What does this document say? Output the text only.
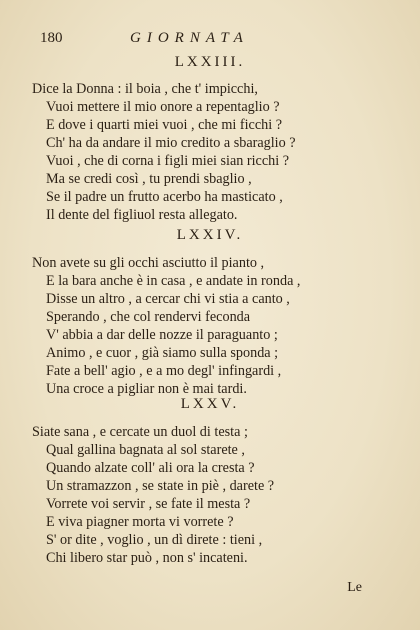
180	GIORNATA
LXXIII.
Dice la Donna : il boia , che t' impicchi,
Vuoi mettere il mio onore a repentaglio ?
E dove i quarti miei vuoi , che mi ficchi ?
Ch' ha da andare il mio credito a sbaraglio ?
Vuoi , che di corna i figli miei sian ricchi ?
Ma se credi così , tu prendi sbaglio ,
Se il padre un frutto acerbo ha masticato ,
Il dente del figliuol resta allegato.
LXXIV.
Non avete su gli occhi asciutto il pianto ,
E la bara anche è in casa , e andate in ronda ,
Disse un altro , a cercar chi vi stia a canto ,
Sperando , che col rendervi feconda
V' abbia a dar delle nozze il paraguanto ;
Animo , e cuor , già siamo sulla sponda ;
Fate a bell' agio , e a mo degl' infingardi ,
Una croce a pigliar non è mai tardi.
LXXV.
Siate sana , e cercate un duol di testa ;
Qual gallina bagnata al sol starete ,
Quando alzate coll' ali ora la cresta ?
Un stramazzon , se state in piè , darete ?
Vorrete voi servir , se fate il mesta ?
E viva piagner morta vi vorrete ?
S' or dite , voglio , un dì direte : tieni ,
Chi libero star può , non s' incateni.
Le
